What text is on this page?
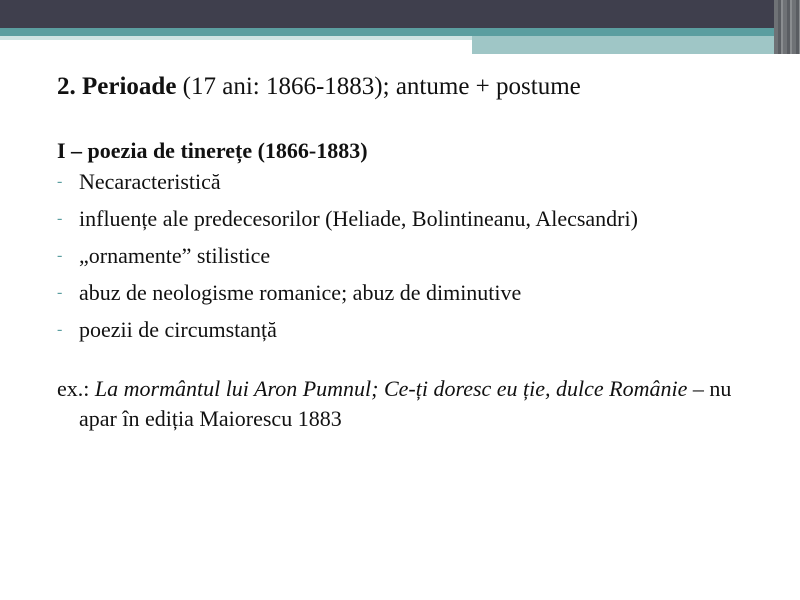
2. Perioade (17 ani: 1866-1883); antume + postume

I – poezia de tinerețe (1866-1883)

- Necaracteristică
- influențe ale predecesorilor (Heliade, Bolintineanu, Alecsandri)
- „ornamente” stilistice
- abuz de neologisme romanice; abuz de diminutive
- poezii de circumstanță

ex.: La mormântul lui Aron Pumnul; Ce-ți doresc eu ție, dulce Românie – nu apar în ediția Maiorescu 1883
